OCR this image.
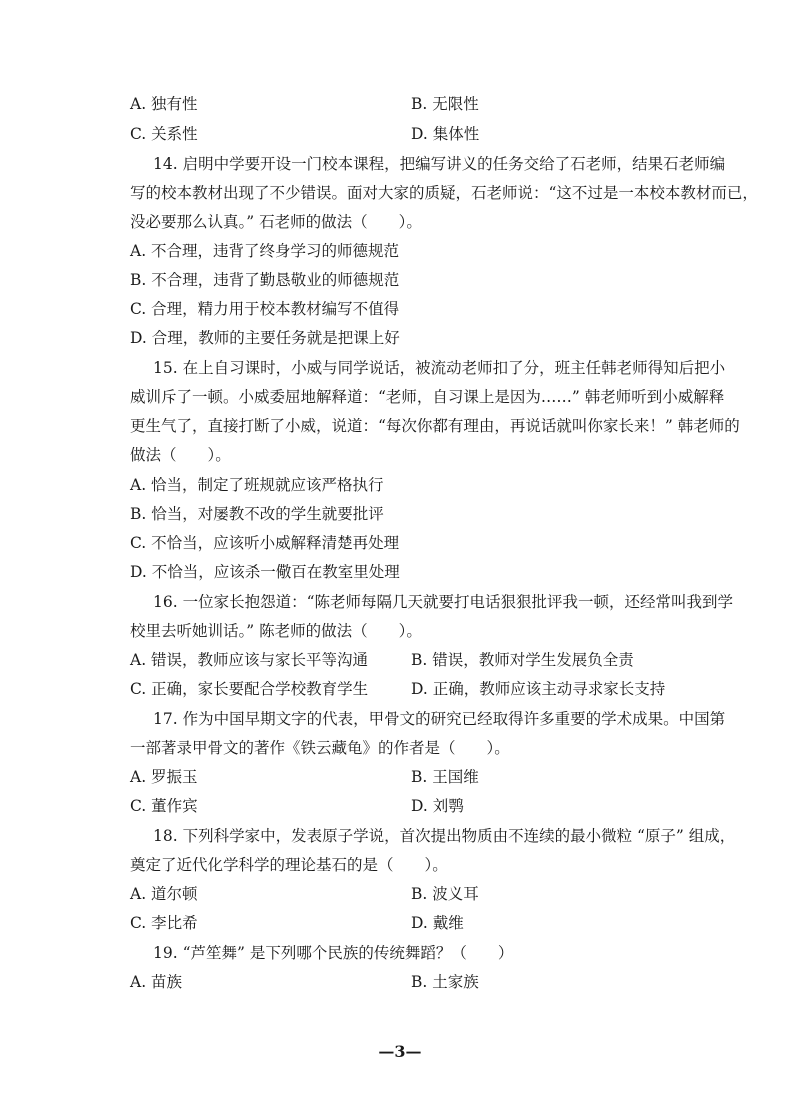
A. 独有性	B. 无限性
C. 关系性	D. 集体性
14. 启明中学要开设一门校本课程，把编写讲义的任务交给了石老师，结果石老师编
写的校本教材出现了不少错误。面对大家的质疑，石老师说：“这不过是一本校本教材而已，
没必要那么认真。” 石老师的做法（　　）。
A. 不合理，违背了终身学习的师德规范
B. 不合理，违背了勤恳敬业的师德规范
C. 合理，精力用于校本教材编写不值得
D. 合理，教师的主要任务就是把课上好
15. 在上自习课时，小威与同学说话，被流动老师扣了分，班主任韩老师得知后把小
威训斥了一顿。小威委屈地解释道：“老师，自习课上是因为……” 韩老师听到小威解释
更生气了，直接打断了小威，说道：“每次你都有理由，再说话就叫你家长来！” 韩老师的
做法（　　）。
A. 恰当，制定了班规就应该严格执行
B. 恰当，对屡教不改的学生就要批评
C. 不恰当，应该听小威解释清楚再处理
D. 不恰当，应该杀一儆百在教室里处理
16. 一位家长抱怨道：“陈老师每隔几天就要打电话狠狠批评我一顿，还经常叫我到学
校里去听她训话。” 陈老师的做法（　　）。
A. 错误，教师应该与家长平等沟通	B. 错误，教师对学生发展负全责
C. 正确，家长要配合学校教育学生	D. 正确，教师应该主动寻求家长支持
17. 作为中国早期文字的代表，甲骨文的研究已经取得许多重要的学术成果。中国第
一部著录甲骨文的著作《铁云藏龟》的作者是（　　）。
A. 罗振玉	B. 王国维
C. 董作宾	D. 刘鹗
18. 下列科学家中，发表原子学说，首次提出物质由不连续的最小微粒 “原子” 组成，
奠定了近代化学科学的理论基石的是（　　）。
A. 道尔顿	B. 波义耳
C. 李比希	D. 戴维
19. “芦笙舞” 是下列哪个民族的传统舞蹈？（　　）
A. 苗族	B. 土家族
—3—
